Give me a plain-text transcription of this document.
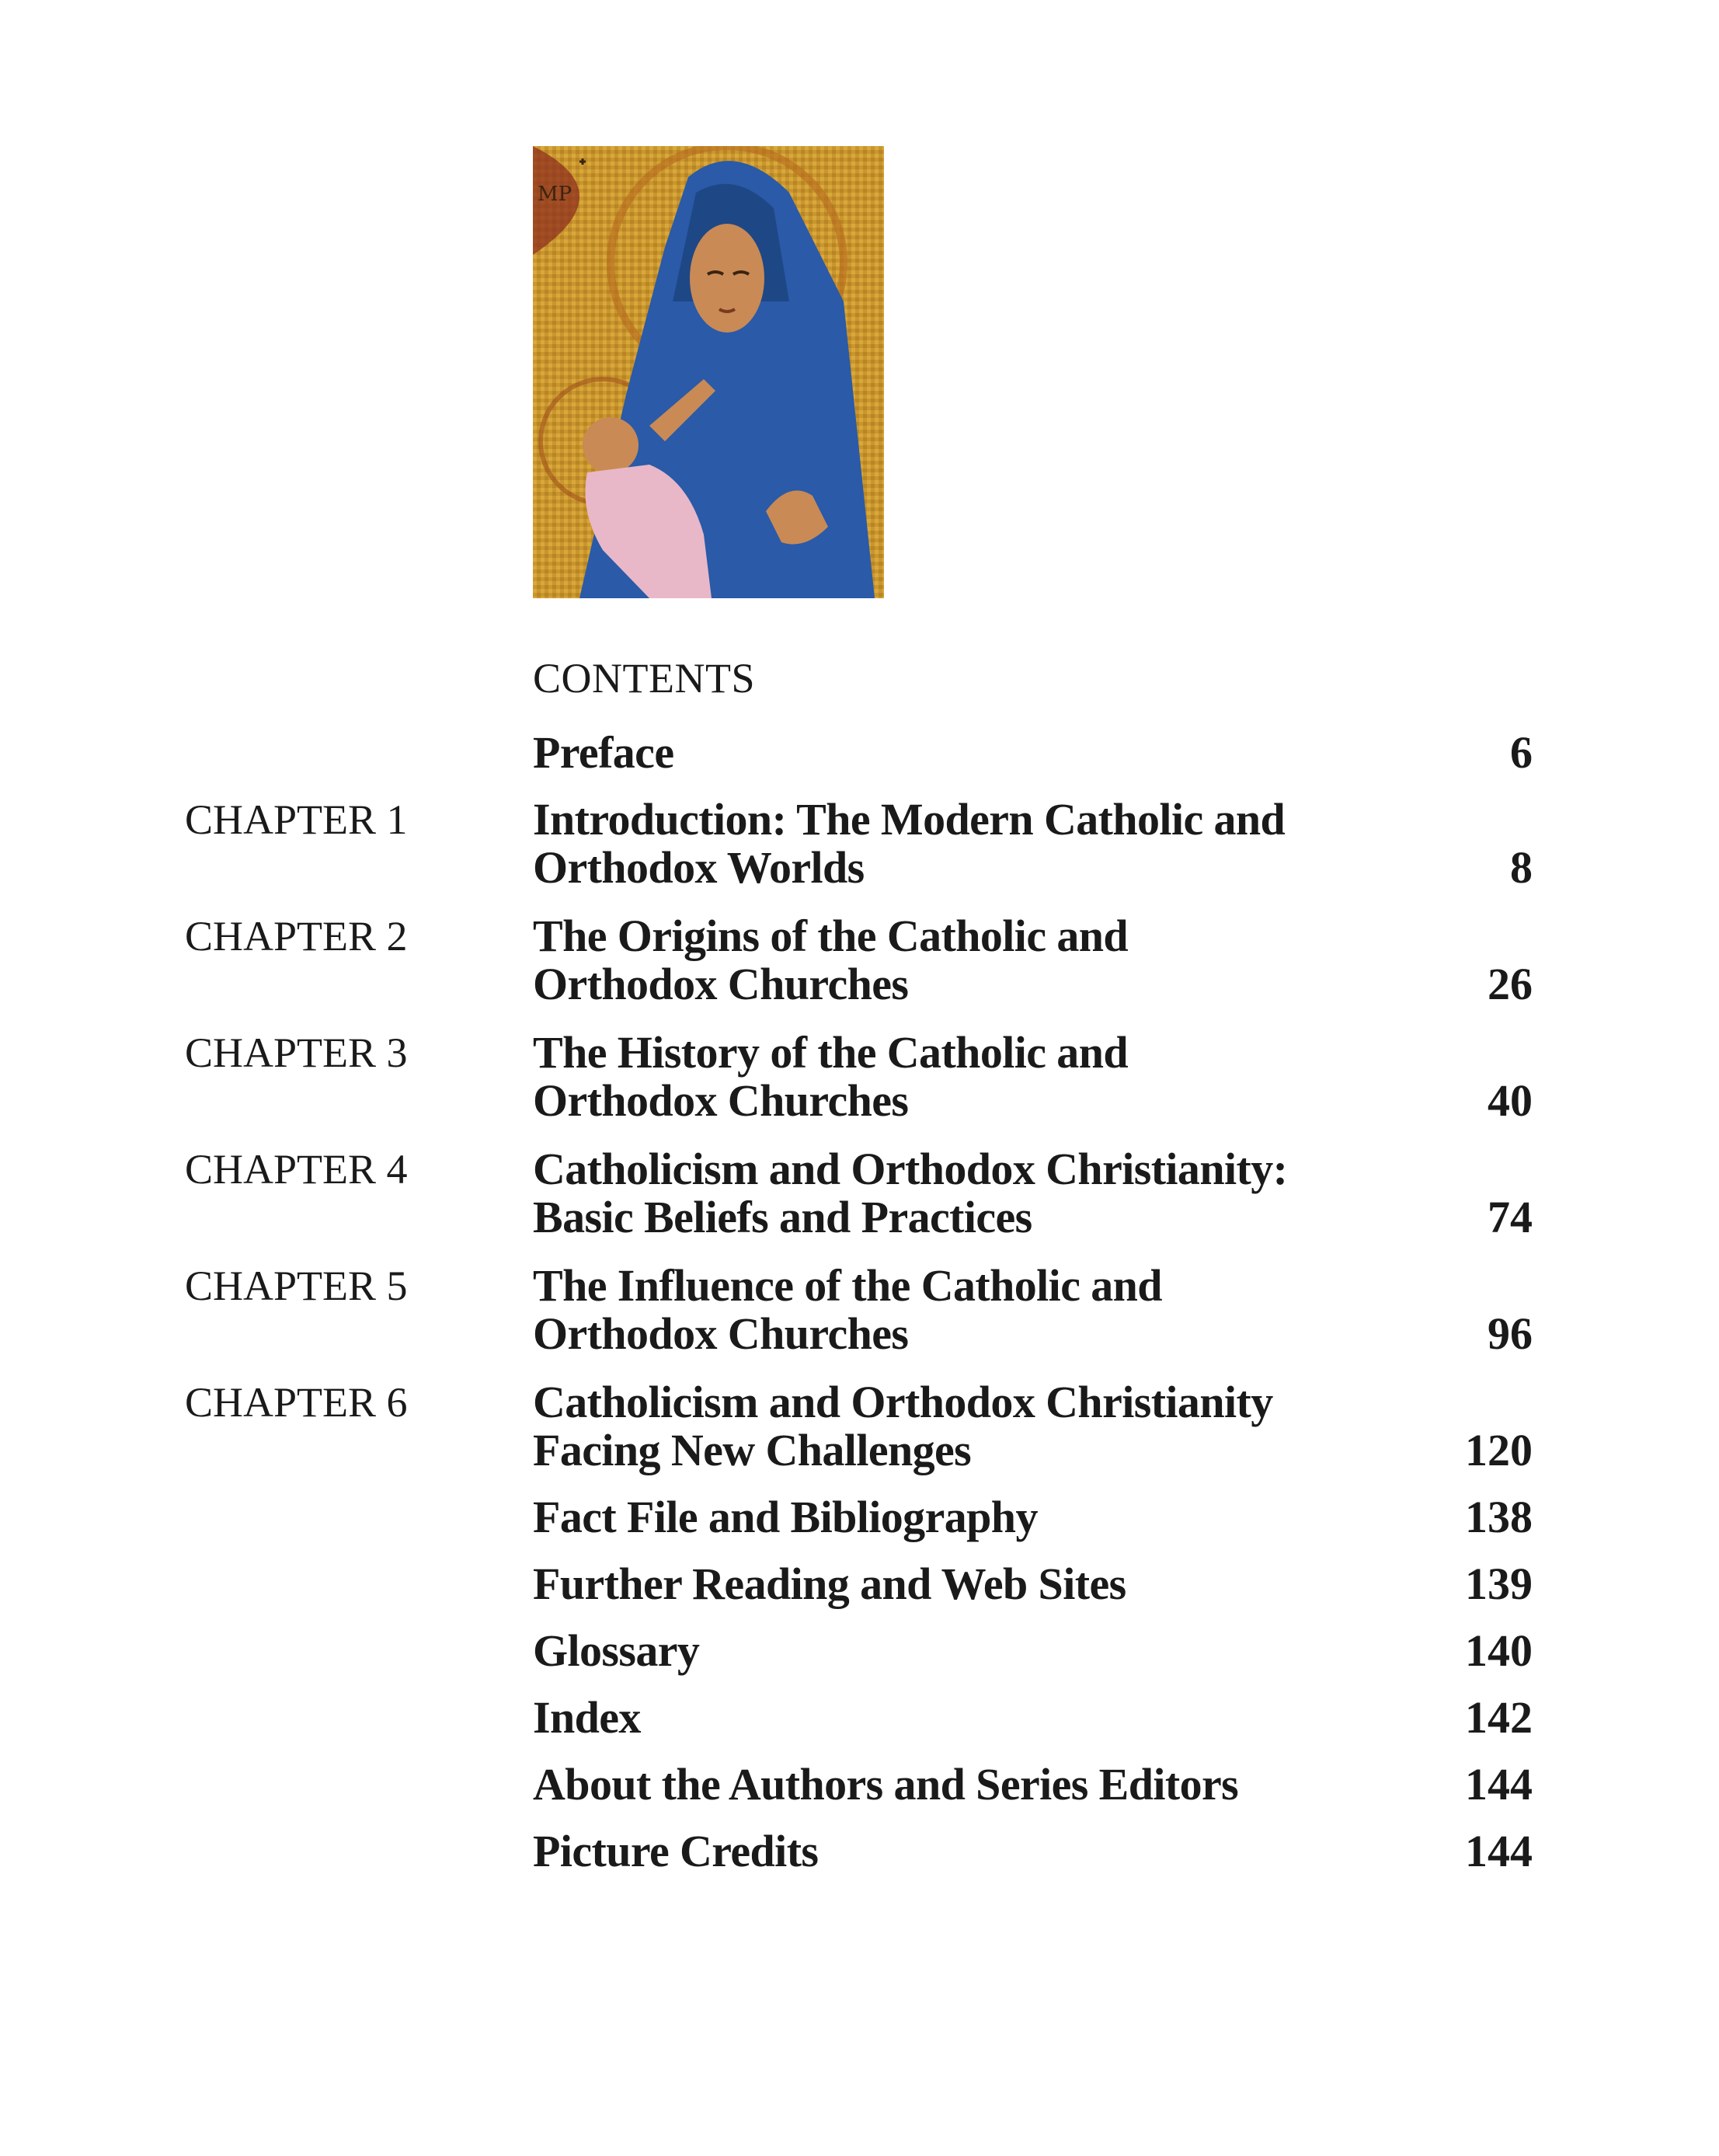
MP
CONTENTS
Preface	6
CHAPTER 1	Introduction: The Modern Catholic and
Orthodox Worlds	8
CHAPTER 2	The Origins of the Catholic and
Orthodox Churches	26
CHAPTER 3	The History of the Catholic and
Orthodox Churches	40
CHAPTER 4	Catholicism and Orthodox Christianity:
Basic Beliefs and Practices	74
CHAPTER 5	The Influence of the Catholic and
Orthodox Churches	96
CHAPTER 6	Catholicism and Orthodox Christianity
Facing New Challenges	120
Fact File and Bibliography	138
Further Reading and Web Sites	139
Glossary	140
Index	142
About the Authors and Series Editors	144
Picture Credits	144
